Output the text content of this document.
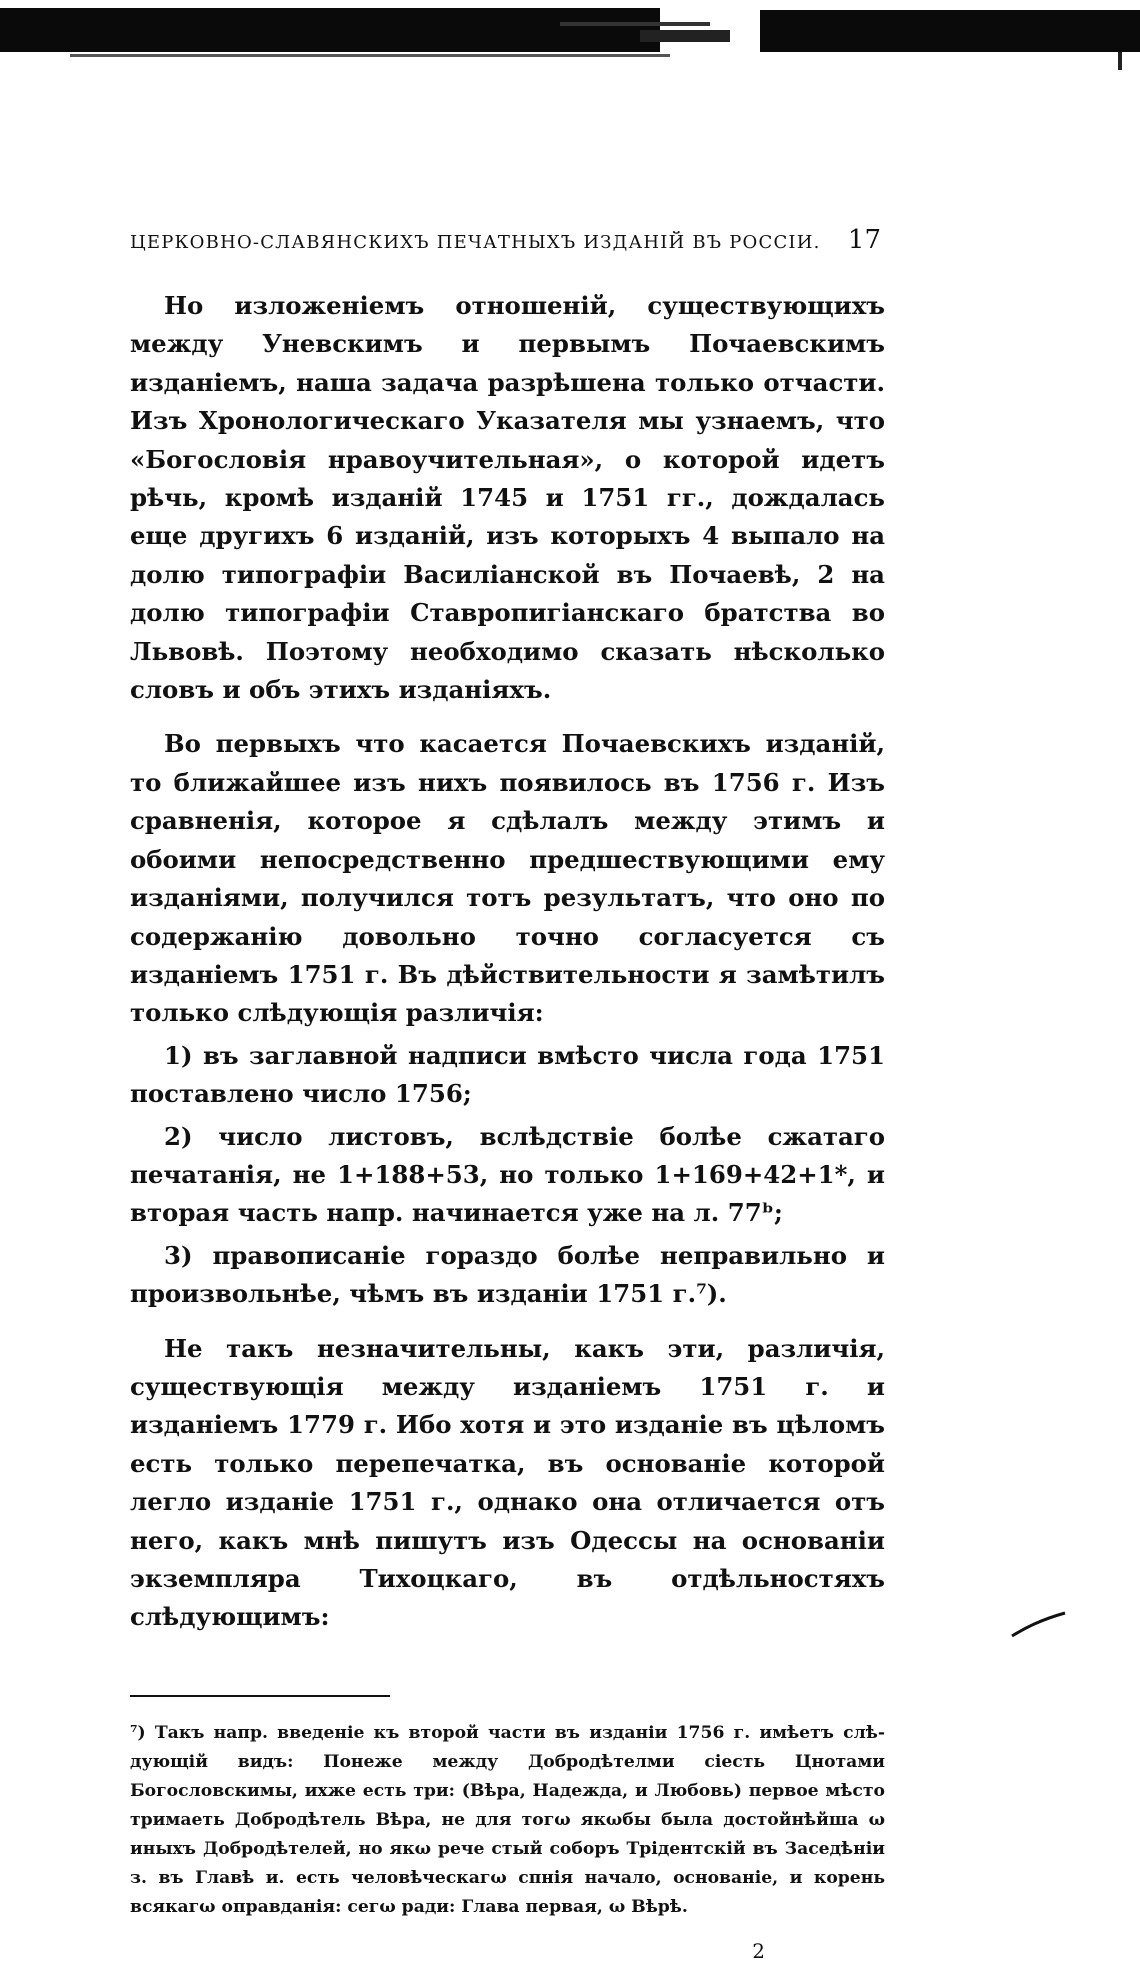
ЦЕРКОВНО-СЛАВЯНСКИХЪ ПЕЧАТНЫХЪ ИЗДАНІЙ ВЪ РОССІИ. 17

Но изложеніемъ отношеній, существующихъ между Уневскимъ и первымъ Почаевскимъ изданіемъ, наша задача разрѣшена только отчасти. Изъ Хронологическаго Указателя мы узнаемъ, что «Богословія нравоучительная», о которой идетъ рѣчь, кромѣ изданій 1745 и 1751 гг., дождалась еще другихъ 6 изданій, изъ которыхъ 4 выпало на долю типографіи Василіанской въ Почаевѣ, 2 на долю типографіи Ставропигіанскаго братства во Львовѣ. Поэтому необходимо сказать нѣсколько словъ и объ этихъ изданіяхъ.

Во первыхъ что касается Почаевскихъ изданій, то ближайшее изъ нихъ появилось въ 1756 г. Изъ сравненія, которое я сдѣлалъ между этимъ и обоими непосредственно предшествующими ему изданіями, получился тотъ результатъ, что оно по содержанію довольно точно согласуется съ изданіемъ 1751 г. Въ дѣйствительности я замѣтилъ только слѣдующія различія:

1) въ заглавной надписи вмѣсто числа года 1751 поставлено число 1756;

2) число листовъ, вслѣдствіе болѣе сжатаго печатанія, не 1+188+53, но только 1+169+42+1*, и вторая часть напр. начинается уже на л. 77ᵇ;

3) правописаніе гораздо болѣе неправильно и произвольнѣе, чѣмъ въ изданіи 1751 г.⁷).

Не такъ незначительны, какъ эти, различія, существующія между изданіемъ 1751 г. и изданіемъ 1779 г. Ибо хотя и это изданіе въ цѣломъ есть только перепечатка, въ основаніе которой легло изданіе 1751 г., однако она отличается отъ него, какъ мнѣ пишутъ изъ Одессы на основаніи экземпляра Тихоцкаго, въ отдѣльностяхъ слѣдующимъ:

⁷) Такъ напр. введеніе къ второй части въ изданіи 1756 г. имѣетъ слѣдующій видъ: Понеже между Добродѣтелми сiесть Цнотами Богословскимы, ихже есть три: (Вѣра, Надежда, и Любовь) первое мѣсто тримаеть Добродѣтель Вѣра, не для тогω якωбы была достойнѣйша ω иныхъ Добродѣтелей, но якω рече стый соборъ Трiдентскiй въ Заседѣнiи з. въ Главѣ и. есть человѣческагω спнiя начало, основанiе, и корень всякагω оправданiя: сегω ради: Глава первая, ω Вѣрѣ.

2
